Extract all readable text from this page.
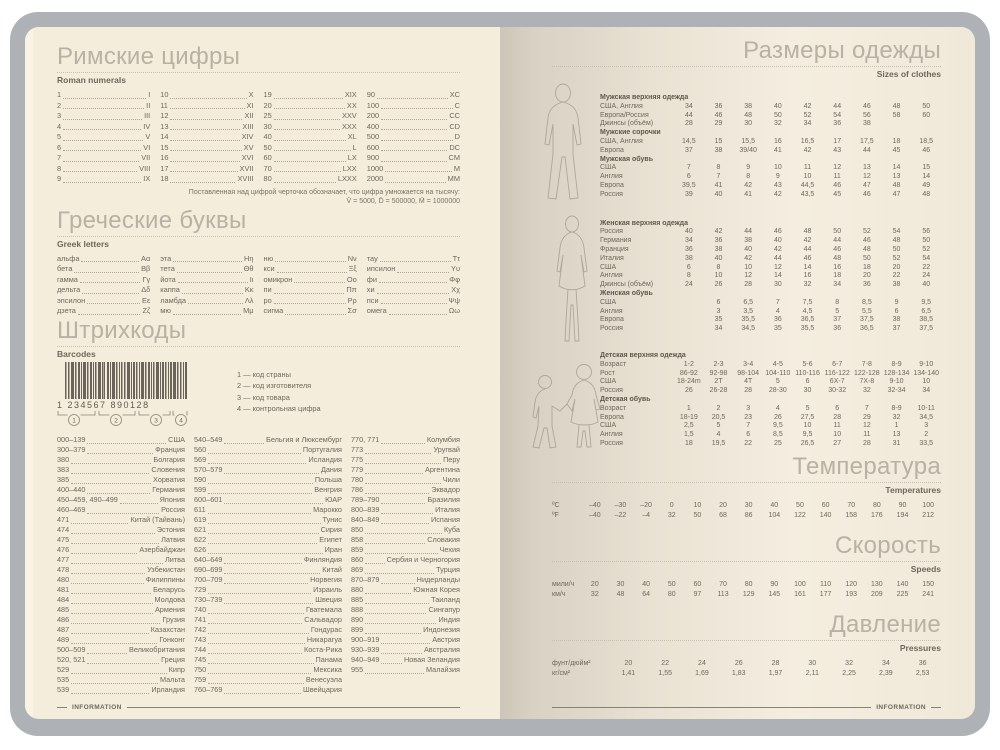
Римские цифры
Roman numerals
1	I
2	II
3	III
4	IV
5	V
6	VI
7	VII
8	VIII
9	IX
10	X
11	XI
12	XII
13	XIII
14	XIV
15	XV
16	XVI
17	XVII
18	XVIII
19	XIX
20	XX
25	XXV
30	XXX
40	XL
50	L
60	LX
70	LXX
80	LXXX
90	XC
100	C
200	CC
400	CD
500	D
600	DC
900	CM
1000	M
2000	MM
Поставленная над цифрой черточка обозначает, что цифра умножается на тысячу:
V̄ = 5000, D̄ = 500000, M̄ = 1000000
Греческие буквы
Greek letters
альфа	Αα
бета	Ββ
гамма	Γγ
дельта	Δδ
эпсилон	Εε
дзета	Ζζ
эта	Ηη
тета	Θθ
йота	Ιι
каппа	Κκ
ламбда	Λλ
мю	Μμ
ню	Νν
кси	Ξξ
омикрон	Οο
пи	Ππ
ро	Ρρ
сигма	Σσ
тау	Ττ
ипсилон	Υυ
фи	Φφ
хи	Χχ
пси	Ψψ
омега	Ωω
Штрихкоды
Barcodes
1 234567 890128
1	2	3	4
1 — код страны
2 — код изготовителя
3 — код товара
4 — контрольная цифра
000–139	США
300–379	Франция
380	Болгария
383	Словения
385	Хорватия
400–440	Германия
450–459, 490–499	Япония
460–469	Россия
471	Китай (Тайвань)
474	Эстония
475	Латвия
476	Азербайджан
477	Литва
478	Узбекистан
480	Филиппины
481	Беларусь
484	Молдова
485	Армения
486	Грузия
487	Казахстан
489	Гонконг
500–509	Великобритания
520, 521	Греция
529	Кипр
535	Мальта
539	Ирландия
540–549	Бельгия и Люксембург
560	Португалия
569	Исландия
570–579	Дания
590	Польша
599	Венгрия
600–601	ЮАР
611	Марокко
619	Тунис
621	Сирия
622	Египет
626	Иран
640–649	Финляндия
690–699	Китай
700–709	Норвегия
729	Израиль
730–739	Швеция
740	Гватемала
741	Сальвадор
742	Гондурас
743	Никарагуа
744	Коста-Рика
745	Панама
750	Мексика
759	Венесуэла
760–769	Швейцария
770, 771	Колумбия
773	Уругвай
775	Перу
779	Аргентина
780	Чили
786	Эквадор
789–790	Бразилия
800–839	Италия
840–849	Испания
850	Куба
858	Словакия
859	Чехия
860	Сербия и Черногория
869	Турция
870–879	Нидерланды
880	Южная Корея
885	Таиланд
888	Сингапур
890	Индия
899	Индонезия
900–919	Австрия
930–939	Австралия
940–949	Новая Зеландия
955	Малайзия
INFORMATION
Размеры одежды
Sizes of clothes
Мужская верхняя одежда
США, Англия	34	36	38	40	42	44	46	48	50
Европа/Россия	44	46	48	50	52	54	56	58	60
Джинсы (объём)	28	29	30	32	34	36	38
Мужские сорочки
США, Англия	14,5	15	15,5	16	16,5	17	17,5	18	18,5
Европа	37	38	39/40	41	42	43	44	45	46
Мужская обувь
США	7	8	9	10	11	12	13	14	15
Англия	6	7	8	9	10	11	12	13	14
Европа	39,5	41	42	43	44,5	46	47	48	49
Россия	39	40	41	42	43,5	45	46	47	48
Женская верхняя одежда
Россия	40	42	44	46	48	50	52	54	56
Германия	34	36	38	40	42	44	46	48	50
Франция	36	38	40	42	44	46	48	50	52
Италия	38	40	42	44	46	48	50	52	54
США	6	8	10	12	14	16	18	20	22
Англия	8	10	12	14	16	18	20	22	24
Джинсы (объём)	24	26	28	30	32	34	36	38	40
Женская обувь
США	6	6,5	7	7,5	8	8,5	9	9,5
Англия	3	3,5	4	4,5	5	5,5	6	6,5
Европа	35	35,5	36	36,5	37	37,5	38	38,5
Россия	34	34,5	35	35,5	36	36,5	37	37,5
Детская верхняя одежда
Возраст	1-2	2-3	3-4	4-5	5-6	6-7	7-8	8-9	9-10
Рост	86-92	92-98	98-104 104-110 110-116 116-122 122-128 128-134 134-140
США	18-24m	2T	4T	5	6	6X-7	7X-8	9-10	10
Россия	26	26-28	28	28-30	30	30-32	32	32-34	34
Детская обувь
Возраст	1	2	3	4	5	6	7	8-9	10-11
Европа	18-19	20,5	23	26	27,5	28	29	32	34,5
США	2,5	5	7	9,5	10	11	12	1	3
Англия	1,5	4	6	8,5	9,5	10	11	13	2
Россия	18	19,5	22	25	26,5	27	28	31	33,5
Температура
Temperatures
ºC	–40	–30	–20	0	10	20	30	40	50	60	70	80	90	100
ºF	–40	–22	–4	32	50	68	86	104	122	140	158	176	194	212
Скорость
Speeds
мили/ч	20	30	40	50	60	70	80	90	100	110	120	130	140	150
км/ч	32	48	64	80	97	113	129	145	161	177	193	209	225	241
Давление
Pressures
фунт/дюйм²	20	22	24	26	28	30	32	34	36
кг/см²	1,41	1,55	1,69	1,83	1,97	2,11	2,25	2,39	2,53
INFORMATION
